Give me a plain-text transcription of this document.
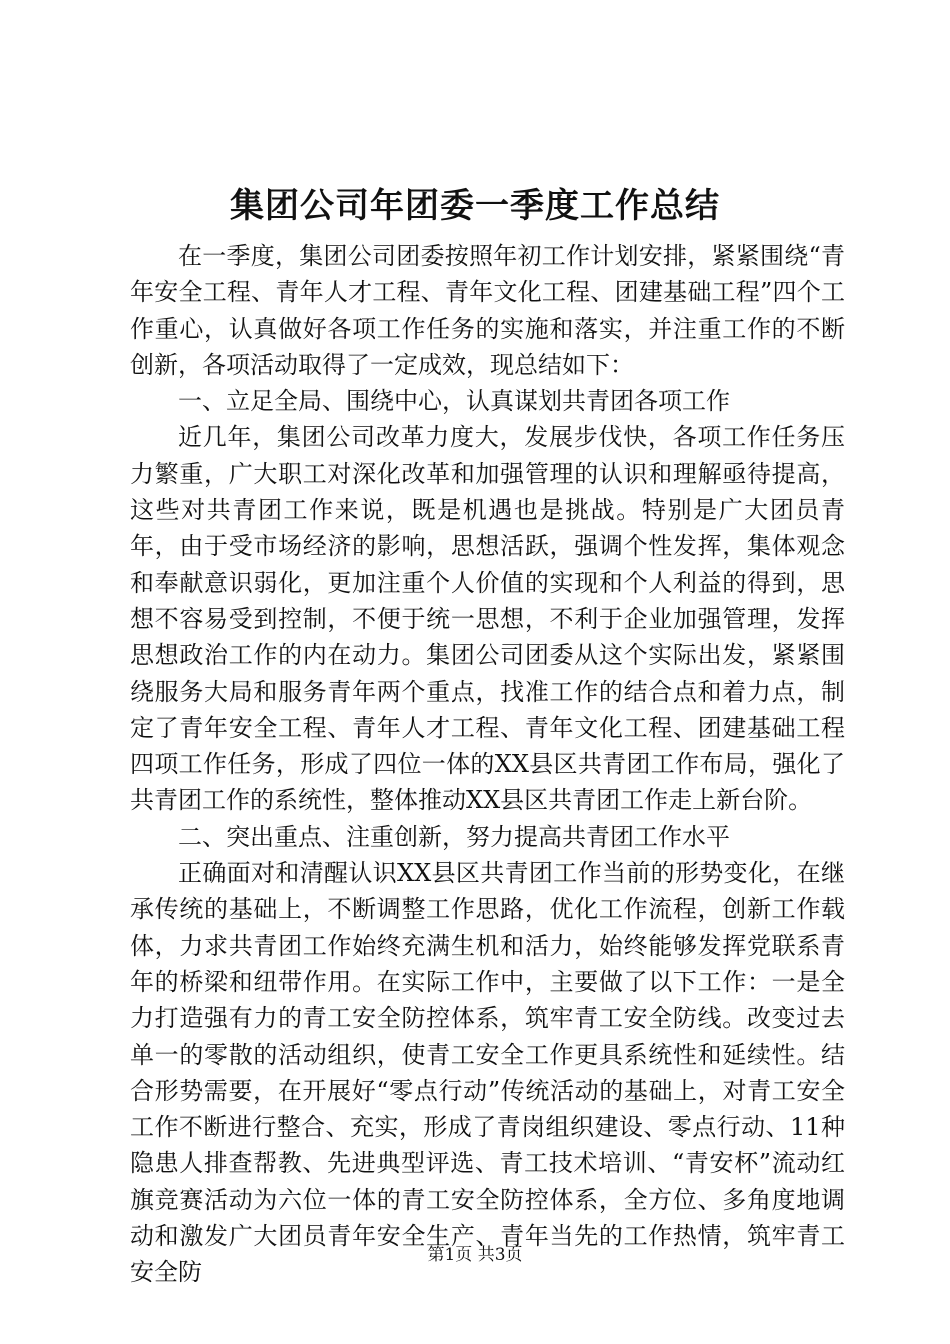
集团公司年团委一季度工作总结

在一季度，集团公司团委按照年初工作计划安排，紧紧围绕“青年安全工程、青年人才工程、青年文化工程、团建基础工程”四个工作重心，认真做好各项工作任务的实施和落实，并注重工作的不断创新，各项活动取得了一定成效，现总结如下：

一、立足全局、围绕中心，认真谋划共青团各项工作

近几年，集团公司改革力度大，发展步伐快，各项工作任务压力繁重，广大职工对深化改革和加强管理的认识和理解亟待提高，这些对共青团工作来说，既是机遇也是挑战。特别是广大团员青年，由于受市场经济的影响，思想活跃，强调个性发挥，集体观念和奉献意识弱化，更加注重个人价值的实现和个人利益的得到，思想不容易受到控制，不便于统一思想，不利于企业加强管理，发挥思想政治工作的内在动力。集团公司团委从这个实际出发，紧紧围绕服务大局和服务青年两个重点，找准工作的结合点和着力点，制定了青年安全工程、青年人才工程、青年文化工程、团建基础工程四项工作任务，形成了四位一体的XX县区共青团工作布局，强化了共青团工作的系统性，整体推动XX县区共青团工作走上新台阶。

二、突出重点、注重创新，努力提高共青团工作水平

正确面对和清醒认识XX县区共青团工作当前的形势变化，在继承传统的基础上，不断调整工作思路，优化工作流程，创新工作载体，力求共青团工作始终充满生机和活力，始终能够发挥党联系青年的桥梁和纽带作用。在实际工作中，主要做了以下工作：一是全力打造强有力的青工安全防控体系，筑牢青工安全防线。改变过去单一的零散的活动组织，使青工安全工作更具系统性和延续性。结合形势需要，在开展好“零点行动”传统活动的基础上，对青工安全工作不断进行整合、充实，形成了青岗组织建设、零点行动、11种隐患人排查帮教、先进典型评选、青工技术培训、“青安杯”流动红旗竞赛活动为六位一体的青工安全防控体系，全方位、多角度地调动和激发广大团员青年安全生产、青年当先的工作热情，筑牢青工安全防

第1页 共3页
